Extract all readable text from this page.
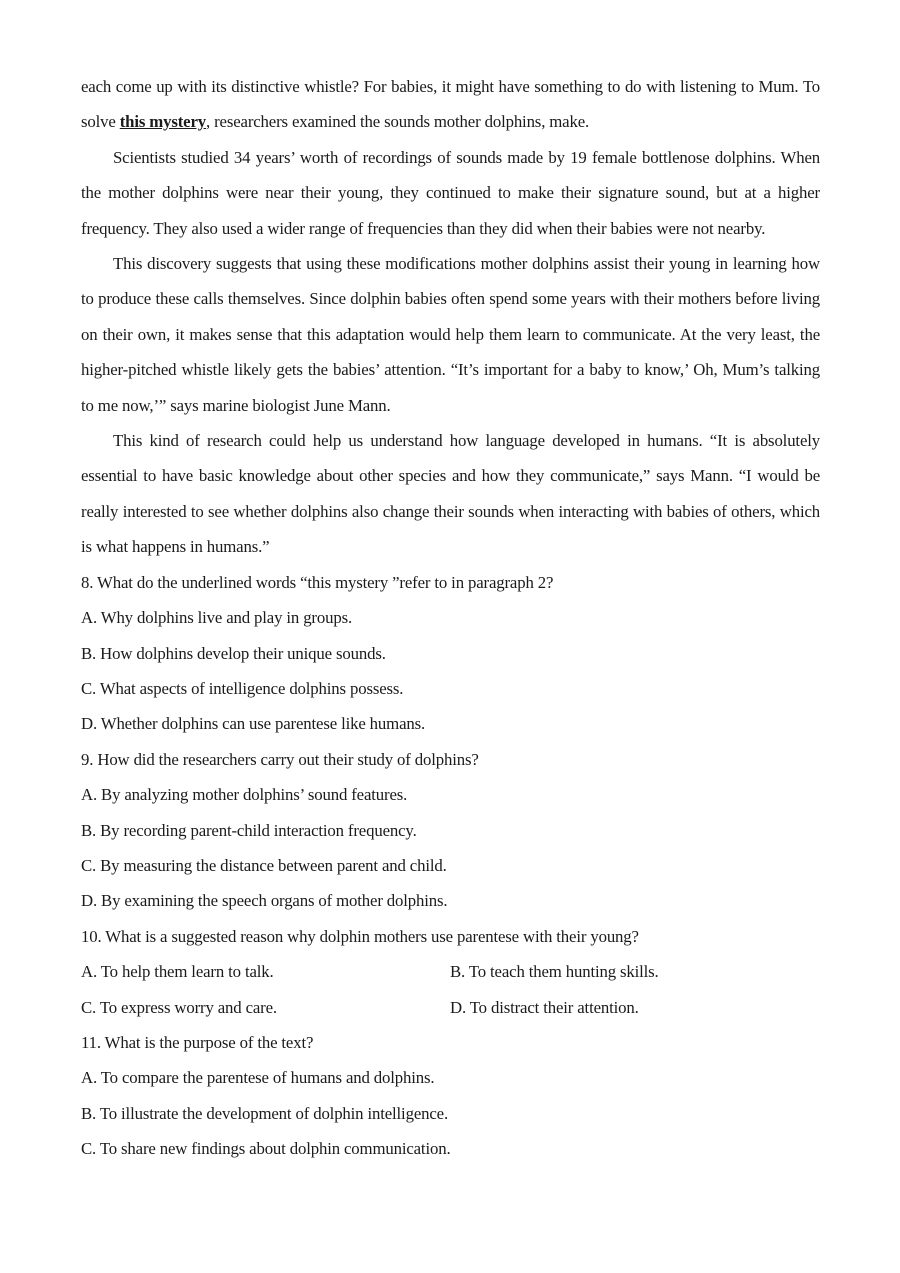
each come up with its distinctive whistle? For babies, it might have something to do with listening to Mum. To solve this mystery, researchers examined the sounds mother dolphins, make.

Scientists studied 34 years’ worth of recordings of sounds made by 19 female bottlenose dolphins. When the mother dolphins were near their young, they continued to make their signature sound, but at a higher frequency. They also used a wider range of frequencies than they did when their babies were not nearby.

This discovery suggests that using these modifications mother dolphins assist their young in learning how to produce these calls themselves. Since dolphin babies often spend some years with their mothers before living on their own, it makes sense that this adaptation would help them learn to communicate. At the very least, the higher-pitched whistle likely gets the babies’ attention. “It’s important for a baby to know,’ Oh, Mum’s talking to me now,’” says marine biologist June Mann.

This kind of research could help us understand how language developed in humans. “It is absolutely essential to have basic knowledge about other species and how they communicate,” says Mann. “I would be really interested to see whether dolphins also change their sounds when interacting with babies of others, which is what happens in humans.”

8. What do the underlined words “this mystery ”refer to in paragraph 2?
A. Why dolphins live and play in groups.
B. How dolphins develop their unique sounds.
C. What aspects of intelligence dolphins possess.
D. Whether dolphins can use parentese like humans.
9. How did the researchers carry out their study of dolphins?
A. By analyzing mother dolphins’ sound features.
B. By recording parent-child interaction frequency.
C. By measuring the distance between parent and child.
D. By examining the speech organs of mother dolphins.
10. What is a suggested reason why dolphin mothers use parentese with their young?
A. To help them learn to talk.	B. To teach them hunting skills.
C. To express worry and care.	D. To distract their attention.
11. What is the purpose of the text?
A. To compare the parentese of humans and dolphins.
B. To illustrate the development of dolphin intelligence.
C. To share new findings about dolphin communication.
